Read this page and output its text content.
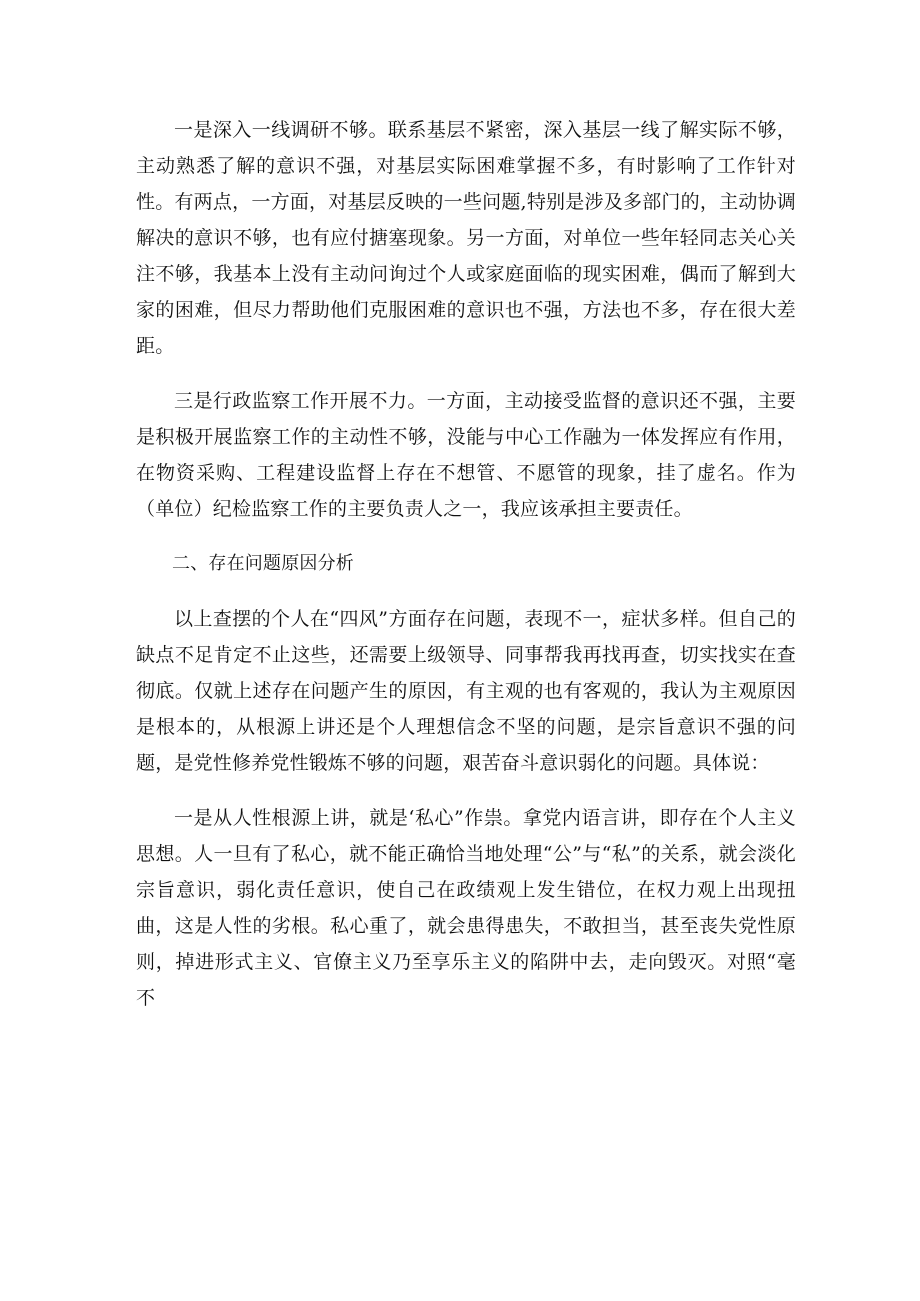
一是深入一线调研不够。联系基层不紧密，深入基层一线了解实际不够，主动熟悉了解的意识不强，对基层实际困难掌握不多，有时影响了工作针对性。有两点，一方面，对基层反映的一些问题,特别是涉及多部门的，主动协调解决的意识不够，也有应付搪塞现象。另一方面，对单位一些年轻同志关心关注不够，我基本上没有主动问询过个人或家庭面临的现实困难，偶而了解到大家的困难，但尽力帮助他们克服困难的意识也不强，方法也不多，存在很大差距。

三是行政监察工作开展不力。一方面，主动接受监督的意识还不强，主要是积极开展监察工作的主动性不够，没能与中心工作融为一体发挥应有作用，在物资采购、工程建设监督上存在不想管、不愿管的现象，挂了虚名。作为（单位）纪检监察工作的主要负责人之一，我应该承担主要责任。

二、存在问题原因分析

以上查摆的个人在“四风”方面存在问题，表现不一，症状多样。但自己的缺点不足肯定不止这些，还需要上级领导、同事帮我再找再查，切实找实在查彻底。仅就上述存在问题产生的原因，有主观的也有客观的，我认为主观原因是根本的，从根源上讲还是个人理想信念不坚的问题，是宗旨意识不强的问题，是党性修养党性锻炼不够的问题，艰苦奋斗意识弱化的问题。具体说：

一是从人性根源上讲，就是‘私心”作祟。拿党内语言讲，即存在个人主义思想。人一旦有了私心，就不能正确恰当地处理“公”与“私”的关系，就会淡化宗旨意识，弱化责任意识，使自己在政绩观上发生错位，在权力观上出现扭曲，这是人性的劣根。私心重了，就会患得患失，不敢担当，甚至丧失党性原则，掉进形式主义、官僚主义乃至享乐主义的陷阱中去，走向毁灭。对照“毫不
